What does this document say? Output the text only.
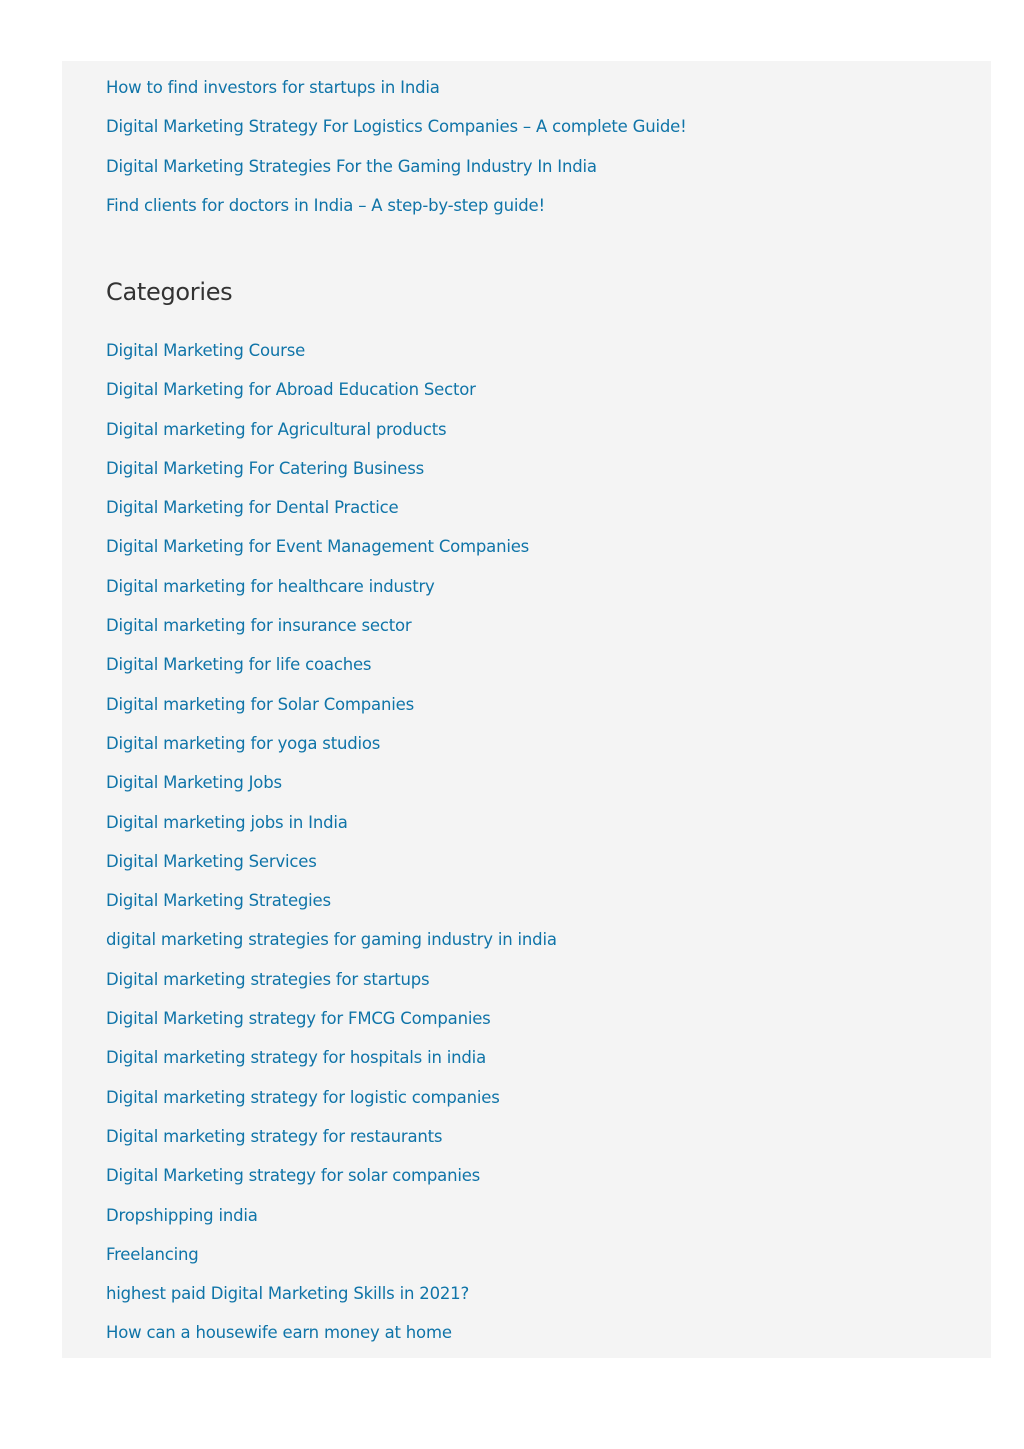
How to find investors for startups in India
Digital Marketing Strategy For Logistics Companies – A complete Guide!
Digital Marketing Strategies For the Gaming Industry In India
Find clients for doctors in India – A step-by-step guide!
Categories
Digital Marketing Course
Digital Marketing for Abroad Education Sector
Digital marketing for Agricultural products
Digital Marketing For Catering Business
Digital Marketing for Dental Practice
Digital Marketing for Event Management Companies
Digital marketing for healthcare industry
Digital marketing for insurance sector
Digital Marketing for life coaches
Digital marketing for Solar Companies
Digital marketing for yoga studios
Digital Marketing Jobs
Digital marketing jobs in India
Digital Marketing Services
Digital Marketing Strategies
digital marketing strategies for gaming industry in india
Digital marketing strategies for startups
Digital Marketing strategy for FMCG Companies
Digital marketing strategy for hospitals in india
Digital marketing strategy for logistic companies
Digital marketing strategy for restaurants
Digital Marketing strategy for solar companies
Dropshipping india
Freelancing
highest paid Digital Marketing Skills in 2021?
How can a housewife earn money at home
